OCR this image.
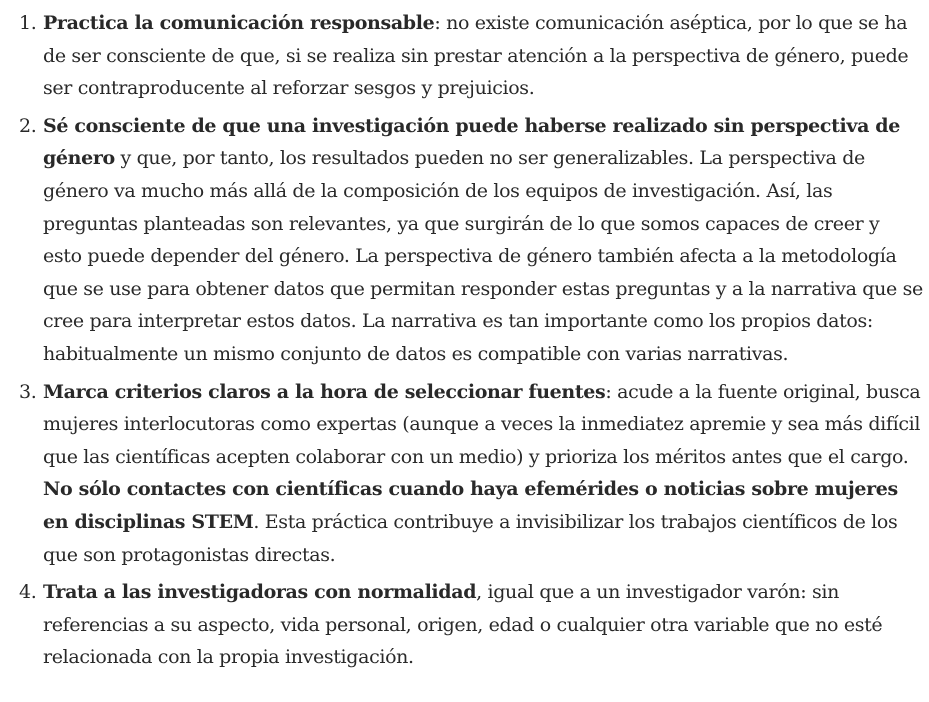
1. Practica la comunicación responsable: no existe comunicación aséptica, por lo que se ha de ser consciente de que, si se realiza sin prestar atención a la perspectiva de género, puede ser contraproducente al reforzar sesgos y prejuicios.

2. Sé consciente de que una investigación puede haberse realizado sin perspectiva de género y que, por tanto, los resultados pueden no ser generalizables. La perspectiva de género va mucho más allá de la composición de los equipos de investigación. Así, las preguntas planteadas son relevantes, ya que surgirán de lo que somos capaces de creer y esto puede depender del género. La perspectiva de género también afecta a la metodología que se use para obtener datos que permitan responder estas preguntas y a la narrativa que se cree para interpretar estos datos. La narrativa es tan importante como los propios datos: habitualmente un mismo conjunto de datos es compatible con varias narrativas.

3. Marca criterios claros a la hora de seleccionar fuentes: acude a la fuente original, busca mujeres interlocutoras como expertas (aunque a veces la inmediatez apremie y sea más difícil que las científicas acepten colaborar con un medio) y prioriza los méritos antes que el cargo.

No sólo contactes con científicas cuando haya efemérides o noticias sobre mujeres en disciplinas STEM. Esta práctica contribuye a invisibilizar los trabajos científicos de los que son protagonistas directas.

4. Trata a las investigadoras con normalidad, igual que a un investigador varón: sin referencias a su aspecto, vida personal, origen, edad o cualquier otra variable que no esté relacionada con la propia investigación.
